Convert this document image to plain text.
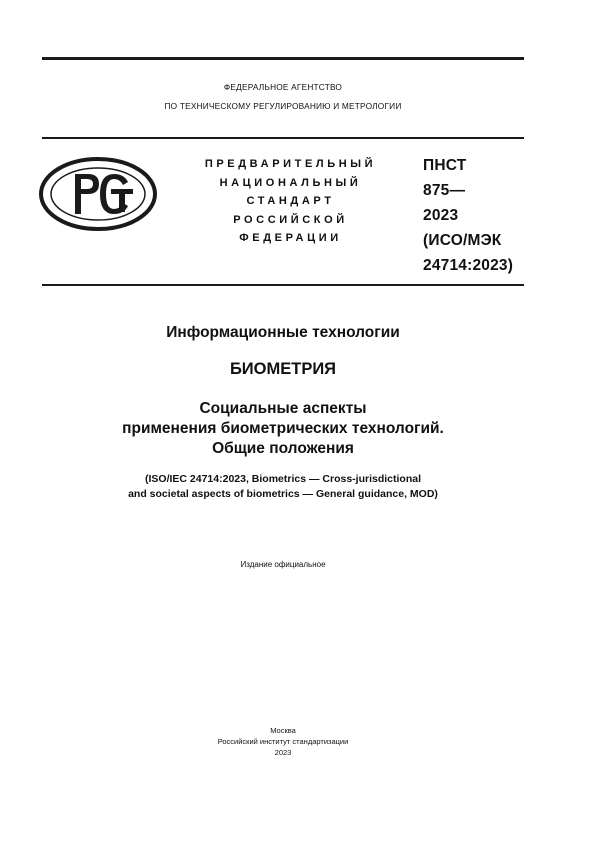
ФЕДЕРАЛЬНОЕ АГЕНТСТВО
ПО ТЕХНИЧЕСКОМУ РЕГУЛИРОВАНИЮ И МЕТРОЛОГИИ
ПРЕДВАРИТЕЛЬНЫЙ
НАЦИОНАЛЬНЫЙ
СТАНДАРТ
РОССИЙСКОЙ
ФЕДЕРАЦИИ
ПНСТ
875—
2023
(ИСО/МЭК
24714:2023)
Информационные технологии
БИОМЕТРИЯ
Социальные аспекты
применения биометрических технологий.
Общие положения
(ISO/IEC 24714:2023, Biometrics — Cross-jurisdictional
and societal aspects of biometrics — General guidance, MOD)
Издание официальное
Москва
Российский институт стандартизации
2023
